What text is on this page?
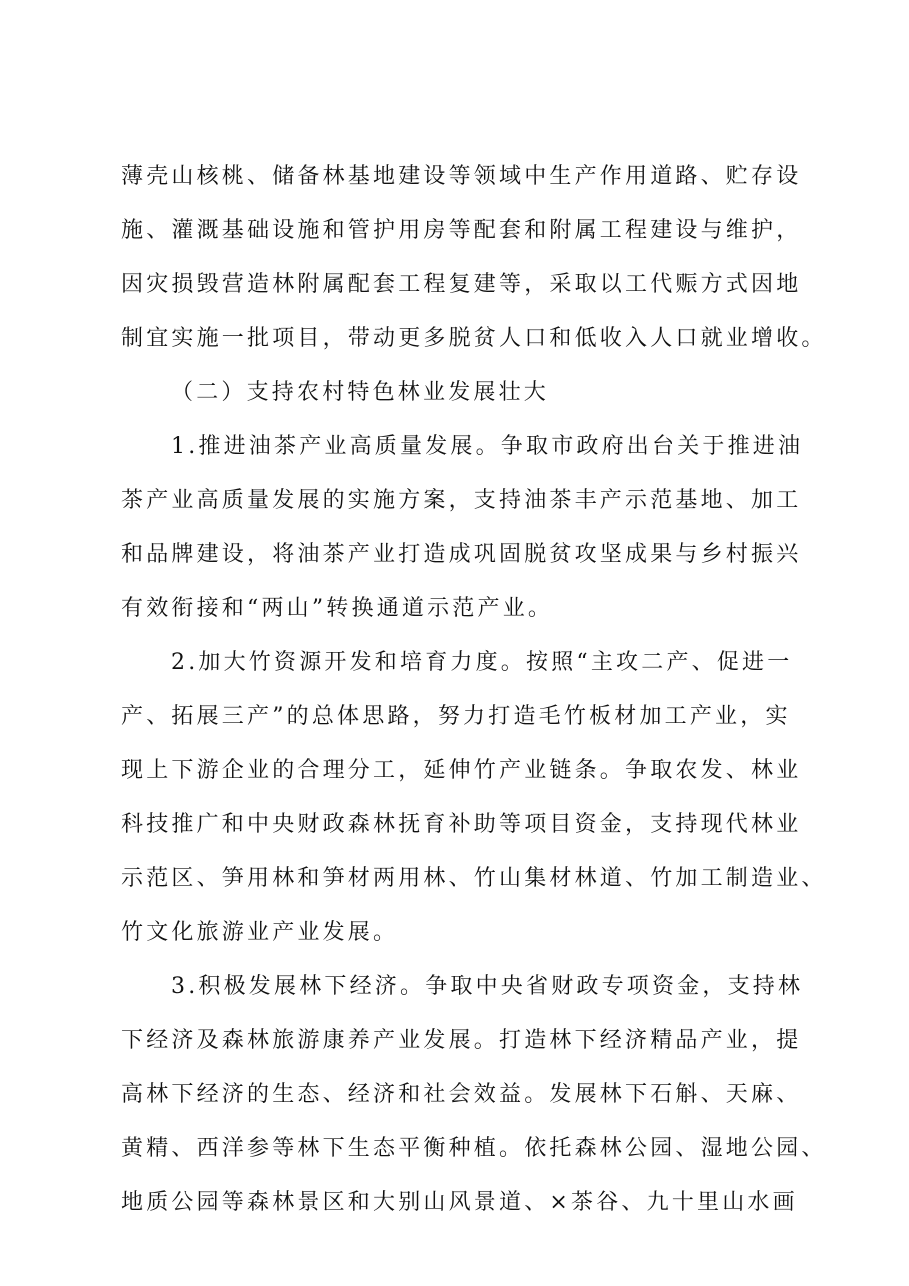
薄壳山核桃、储备林基地建设等领域中生产作用道路、贮存设
施、灌溉基础设施和管护用房等配套和附属工程建设与维护，
因灾损毁营造林附属配套工程复建等，采取以工代赈方式因地
制宜实施一批项目，带动更多脱贫人口和低收入人口就业增收。
（二）支持农村特色林业发展壮大
1.推进油茶产业高质量发展。争取市政府出台关于推进油
茶产业高质量发展的实施方案，支持油茶丰产示范基地、加工
和品牌建设，将油茶产业打造成巩固脱贫攻坚成果与乡村振兴
有效衔接和“两山”转换通道示范产业。
2.加大竹资源开发和培育力度。按照“主攻二产、促进一
产、拓展三产”的总体思路，努力打造毛竹板材加工产业，实
现上下游企业的合理分工，延伸竹产业链条。争取农发、林业
科技推广和中央财政森林抚育补助等项目资金，支持现代林业
示范区、笋用林和笋材两用林、竹山集材林道、竹加工制造业、
竹文化旅游业产业发展。
3.积极发展林下经济。争取中央省财政专项资金，支持林
下经济及森林旅游康养产业发展。打造林下经济精品产业，提
高林下经济的生态、经济和社会效益。发展林下石斛、天麻、
黄精、西洋参等林下生态平衡种植。依托森林公园、湿地公园、
地质公园等森林景区和大别山风景道、×茶谷、九十里山水画
